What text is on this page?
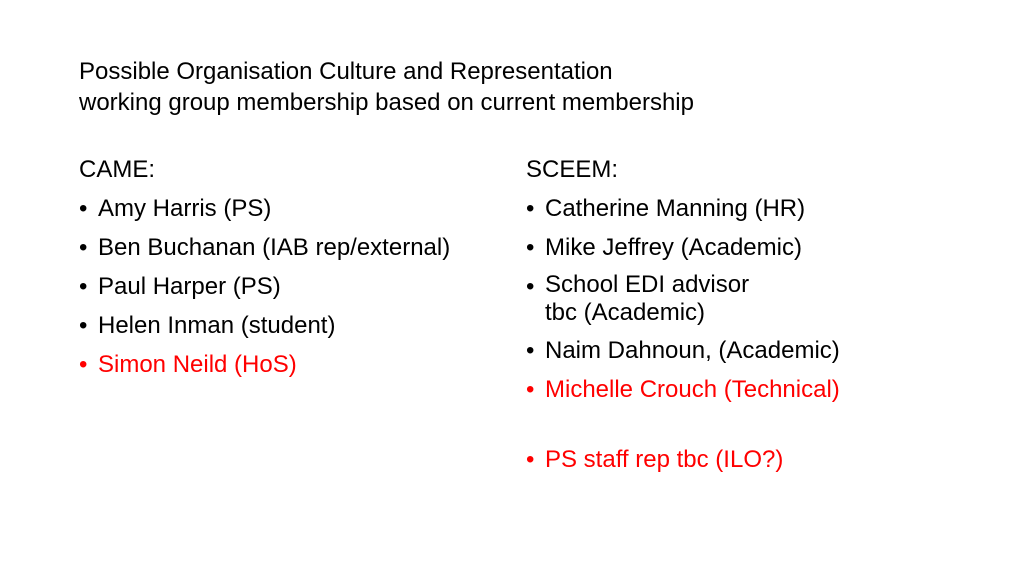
Possible Organisation Culture and Representation
working group membership based on current membership
CAME:
• Amy Harris (PS)
• Ben Buchanan (IAB rep/external)
• Paul Harper (PS)
• Helen Inman (student)
• Simon Neild (HoS)
SCEEM:
• Catherine Manning (HR)
• Mike Jeffrey (Academic)
• School EDI advisor
tbc (Academic)
• Naim Dahnoun, (Academic)
• Michelle Crouch (Technical)
• PS staff rep tbc (ILO?)
